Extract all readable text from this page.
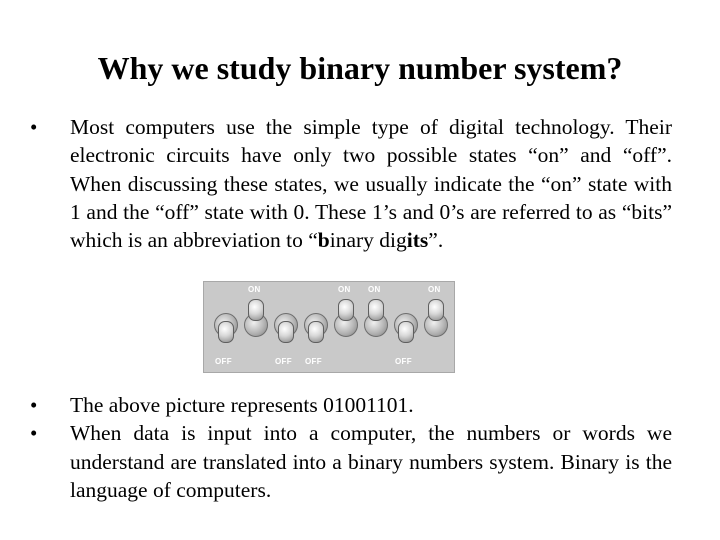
Why we study binary number system?
•	Most computers use the simple type of digital technology. Their electronic circuits have only two possible states “on” and “off”. When discussing these states, we usually indicate the “on” state with 1 and the “off” state with 0. These 1’s and 0’s are referred to as “bits” which is an abbreviation to “binary digits”.
OFF
ON
OFF OFF
ON ON
OFF
ON
•	The above picture represents 01001101.
•	When data is input into a computer, the numbers or words we understand are translated into a binary numbers system. Binary is the language of computers.
